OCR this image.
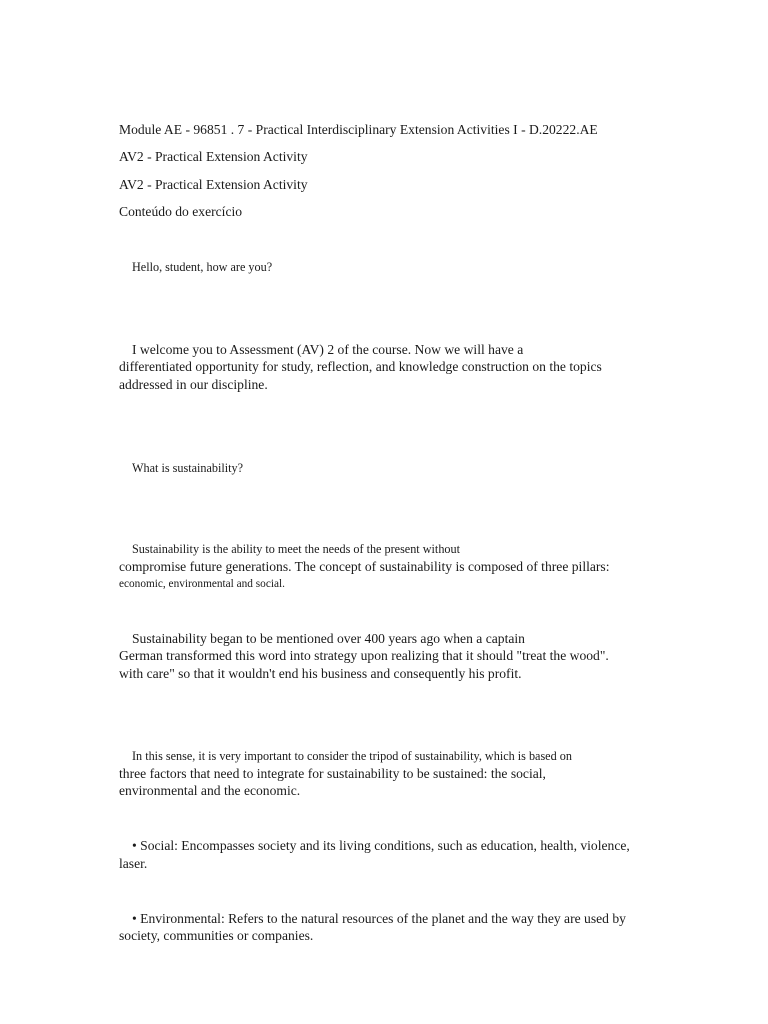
Module AE - 96851 . 7 - Practical Interdisciplinary Extension Activities I - D.20222.AE
AV2 - Practical Extension Activity
AV2 - Practical Extension Activity
Conteúdo do exercício
Hello, student, how are you?
I welcome you to Assessment (AV) 2 of the course. Now we will have a
differentiated opportunity for study, reflection, and knowledge construction on the topics
addressed in our discipline.
What is sustainability?
Sustainability is the ability to meet the needs of the present without
compromise future generations. The concept of sustainability is composed of three pillars:
economic, environmental and social.
Sustainability began to be mentioned over 400 years ago when a captain
German transformed this word into strategy upon realizing that it should "treat the wood".
with care" so that it wouldn't end his business and consequently his profit.
In this sense, it is very important to consider the tripod of sustainability, which is based on
three factors that need to integrate for sustainability to be sustained: the social,
environmental and the economic.
• Social: Encompasses society and its living conditions, such as education, health, violence,
laser.
• Environmental: Refers to the natural resources of the planet and the way they are used by
society, communities or companies.
